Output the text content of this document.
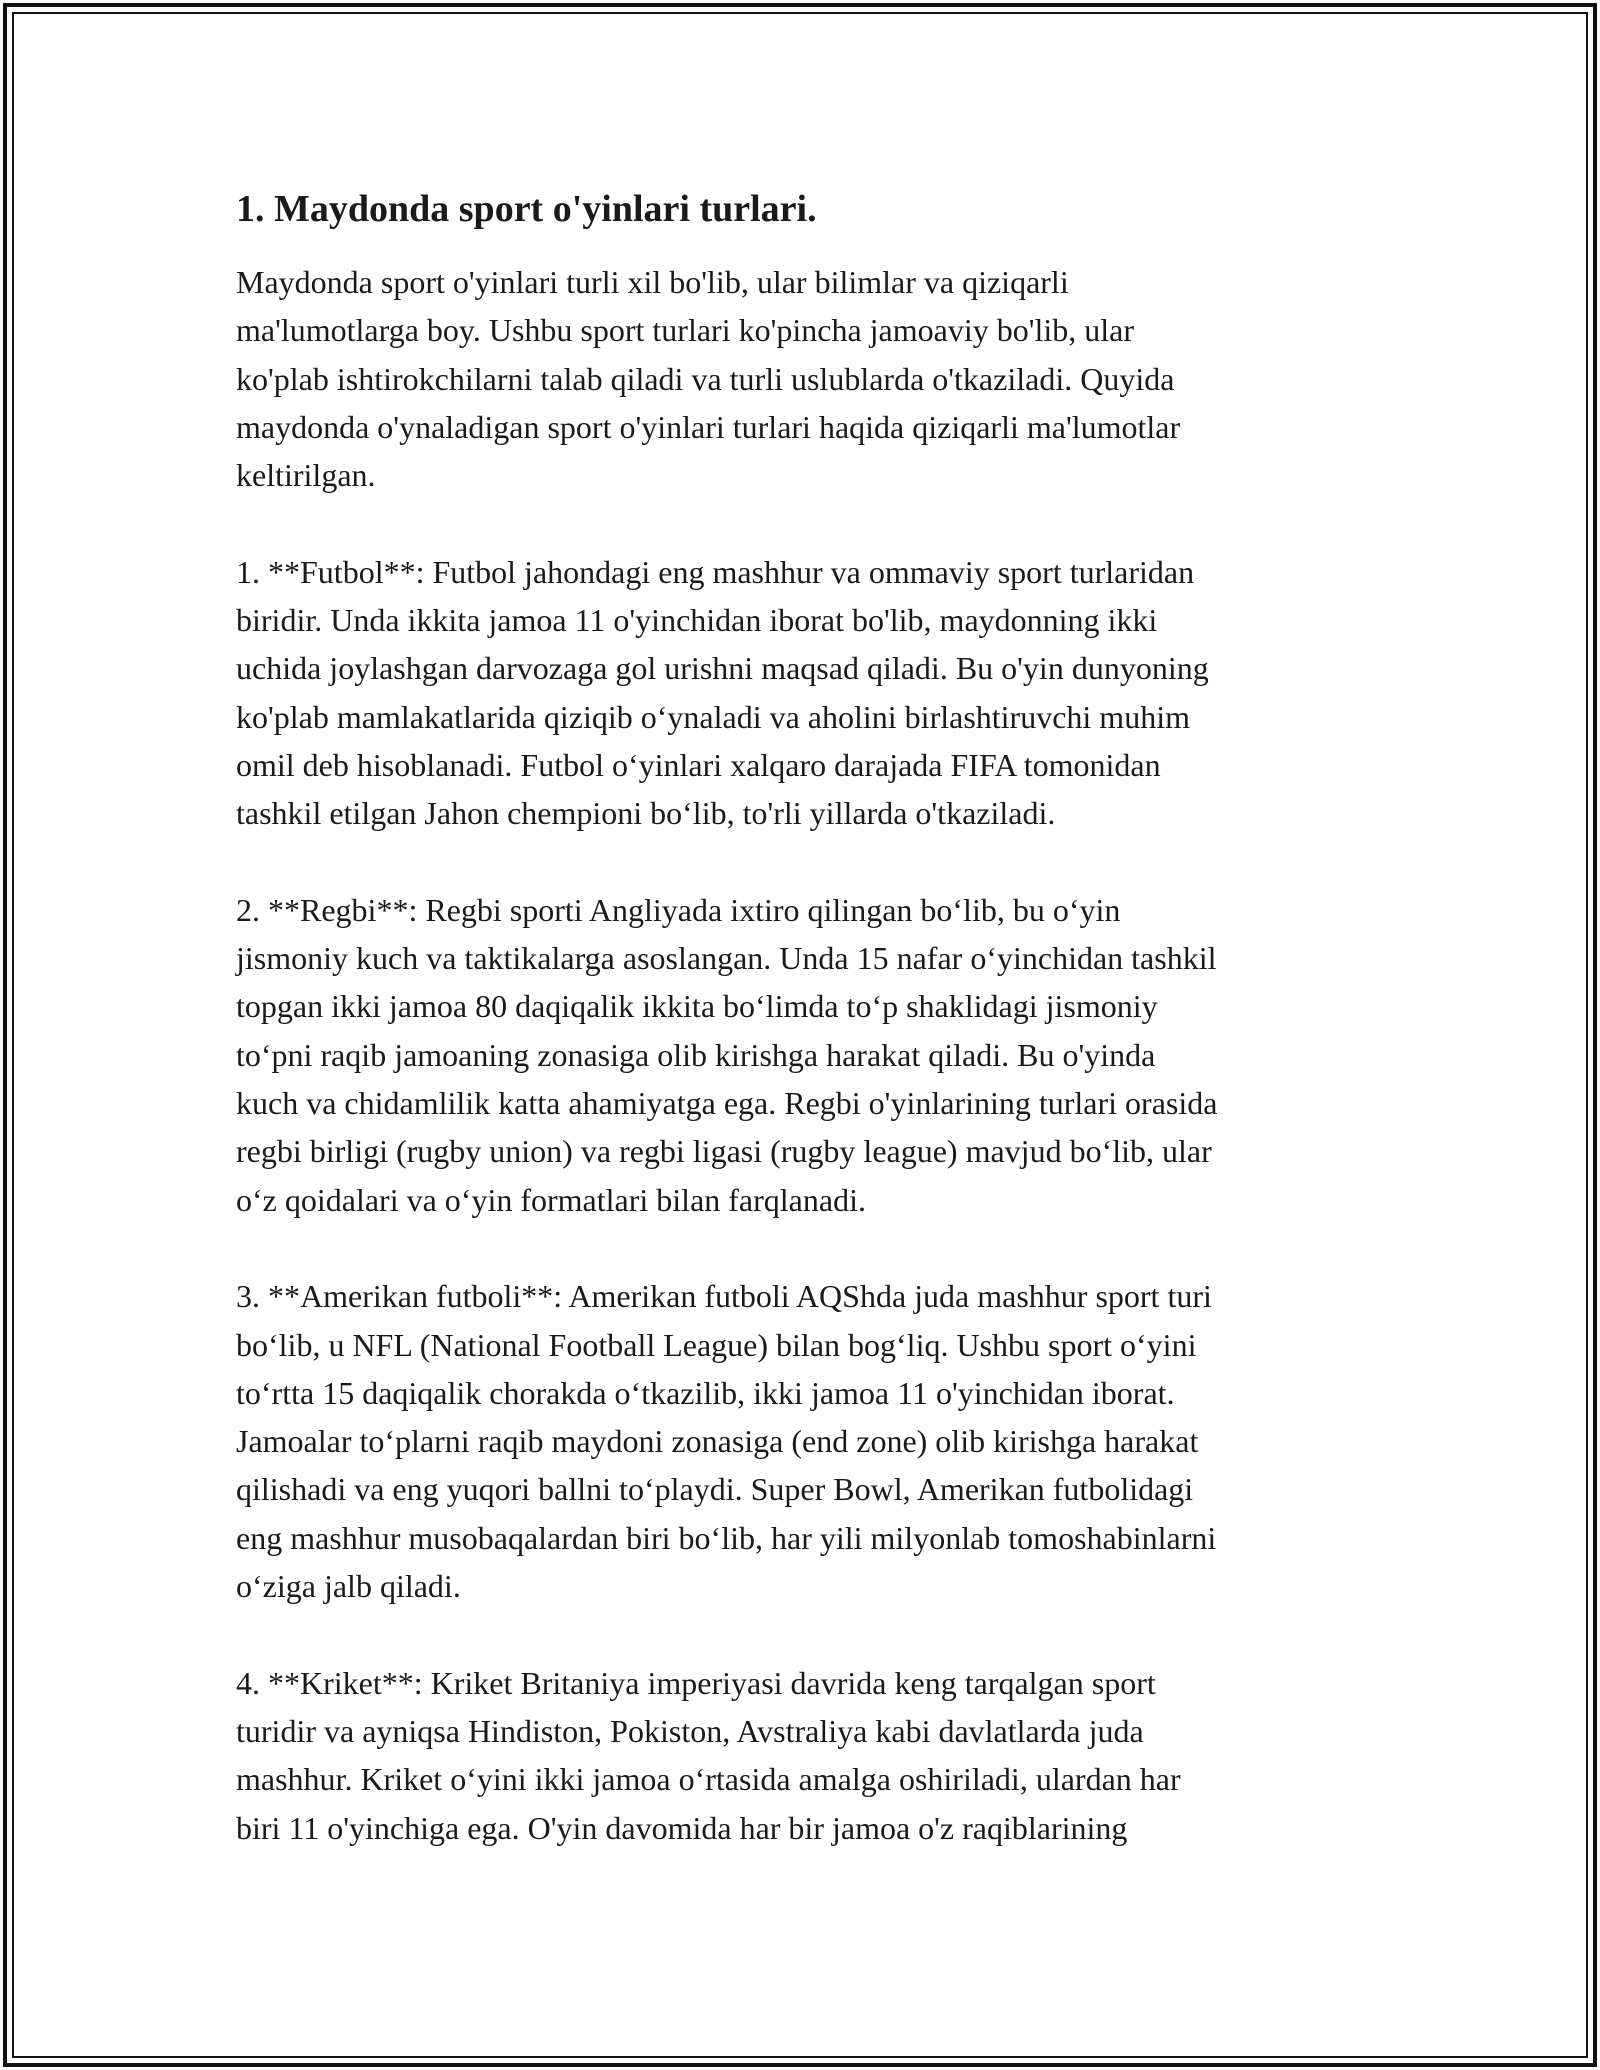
1. Maydonda sport o'yinlari turlari.
Maydonda sport o'yinlari turli xil bo'lib, ular bilimlar va qiziqarli
ma'lumotlarga boy. Ushbu sport turlari ko'pincha jamoaviy bo'lib, ular
ko'plab ishtirokchilarni talab qiladi va turli uslublarda o'tkaziladi. Quyida
maydonda o'ynaladigan sport o'yinlari turlari haqida qiziqarli ma'lumotlar
keltirilgan.
1. **Futbol**: Futbol jahondagi eng mashhur va ommaviy sport turlaridan
biridir. Unda ikkita jamoa 11 o'yinchidan iborat bo'lib, maydonning ikki
uchida joylashgan darvozaga gol urishni maqsad qiladi. Bu o'yin dunyoning
ko'plab mamlakatlarida qiziqib oʻynaladi va aholini birlashtiruvchi muhim
omil deb hisoblanadi. Futbol oʻyinlari xalqaro darajada FIFA tomonidan
tashkil etilgan Jahon chempioni boʻlib, to'rli yillarda o'tkaziladi.
2. **Regbi**: Regbi sporti Angliyada ixtiro qilingan boʻlib, bu oʻyin
jismoniy kuch va taktikalarga asoslangan. Unda 15 nafar oʻyinchidan tashkil
topgan ikki jamoa 80 daqiqalik ikkita boʻlimda toʻp shaklidagi jismoniy
toʻpni raqib jamoaning zonasiga olib kirishga harakat qiladi. Bu o'yinda
kuch va chidamlilik katta ahamiyatga ega. Regbi o'yinlarining turlari orasida
regbi birligi (rugby union) va regbi ligasi (rugby league) mavjud boʻlib, ular
oʻz qoidalari va oʻyin formatlari bilan farqlanadi.
3. **Amerikan futboli**: Amerikan futboli AQShda juda mashhur sport turi
boʻlib, u NFL (National Football League) bilan bogʻliq. Ushbu sport oʻyini
toʻrtta 15 daqiqalik chorakda oʻtkazilib, ikki jamoa 11 o'yinchidan iborat.
Jamoalar toʻplarni raqib maydoni zonasiga (end zone) olib kirishga harakat
qilishadi va eng yuqori ballni toʻplaydi. Super Bowl, Amerikan futbolidagi
eng mashhur musobaqalardan biri boʻlib, har yili milyonlab tomoshabinlarni
oʻziga jalb qiladi.
4. **Kriket**: Kriket Britaniya imperiyasi davrida keng tarqalgan sport
turidir va ayniqsa Hindiston, Pokiston, Avstraliya kabi davlatlarda juda
mashhur. Kriket oʻyini ikki jamoa oʻrtasida amalga oshiriladi, ulardan har
biri 11 o'yinchiga ega. O'yin davomida har bir jamoa o'z raqiblarining
